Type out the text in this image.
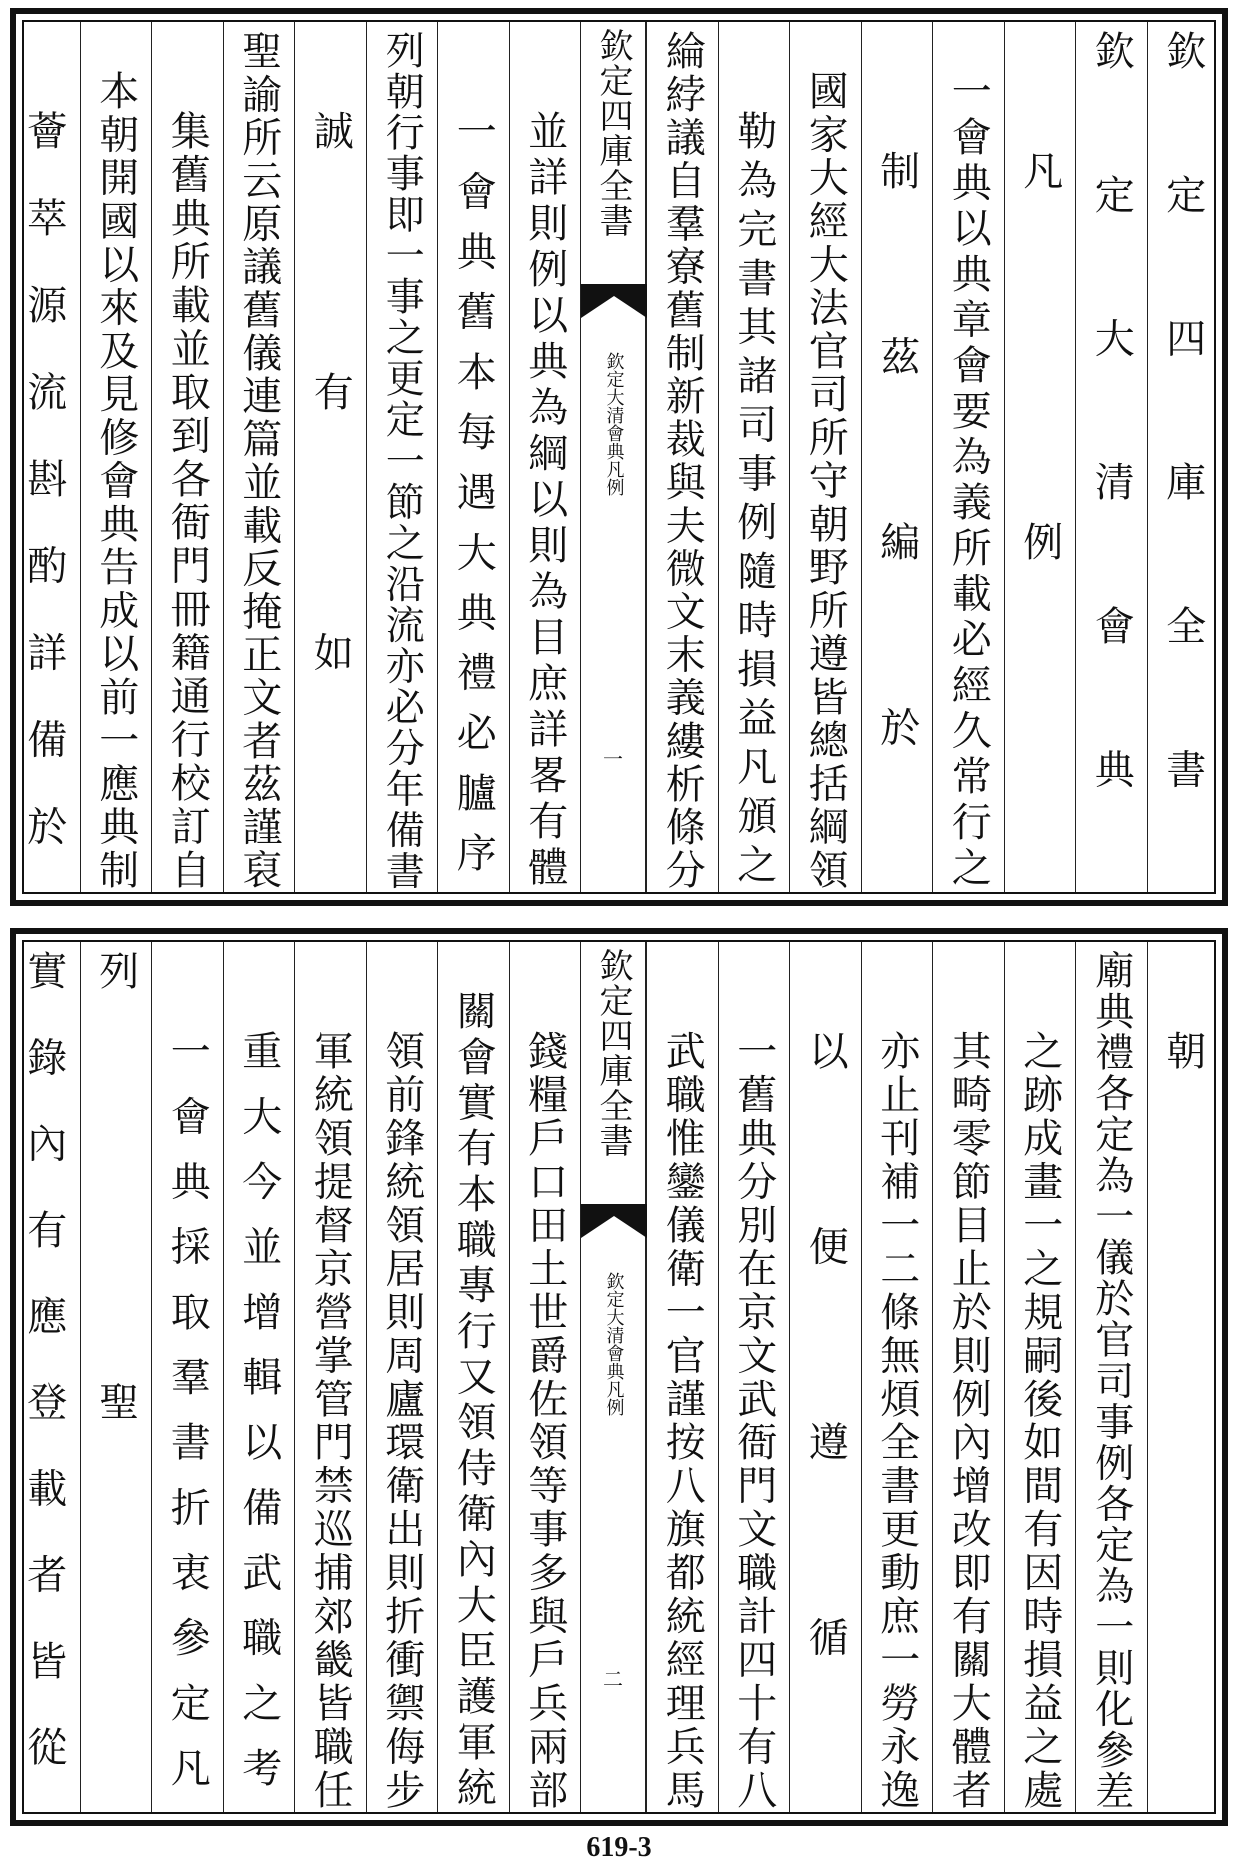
欽定四庫全書
欽定大清會典
凡例
一會典以典章會要為義所載必經久常行之
制茲編於
國家大經大法官司所守朝野所遵皆總括綱領
勒為完書其諸司事例隨時損益凡頒之
綸綍議自羣寮舊制新裁與夫微文末義縷析條分
欽定四庫全書
欽定大清會典凡例
一
並詳則例以典為綱以則為目庶詳畧有體
一會典舊本每遇大典禮必臚序
列朝行事即一事之更定一節之沿流亦必分年備書
誠有如
聖諭所云原議舊儀連篇並載反掩正文者茲謹裒
集舊典所載並取到各衙門冊籍通行校訂自
本朝開國以來及見修會典告成以前一應典制
薈萃源流斟酌詳備於
朝
廟典禮各定為一儀於官司事例各定為一則化參差
之跡成畫一之規嗣後如間有因時損益之處
其畸零節目止於則例內增改即有關大體者
亦止刊補一二條無煩全書更動庶一勞永逸
以便遵循
一舊典分別在京文武衙門文職計四十有八
武職惟鑾儀衛一官謹按八旗都統經理兵馬
欽定四庫全書
欽定大清會典凡例
二
錢糧戶口田土世爵佐領等事多與戶兵兩部
關會實有本職專行又領侍衛內大臣護軍統
領前鋒統領居則周廬環衛出則折衝禦侮步
軍統領提督京營掌管門禁巡捕郊畿皆職任
重大今並增輯以備武職之考
一會典採取羣書折衷參定凡
列聖
實錄內有應登載者皆從
619-3
